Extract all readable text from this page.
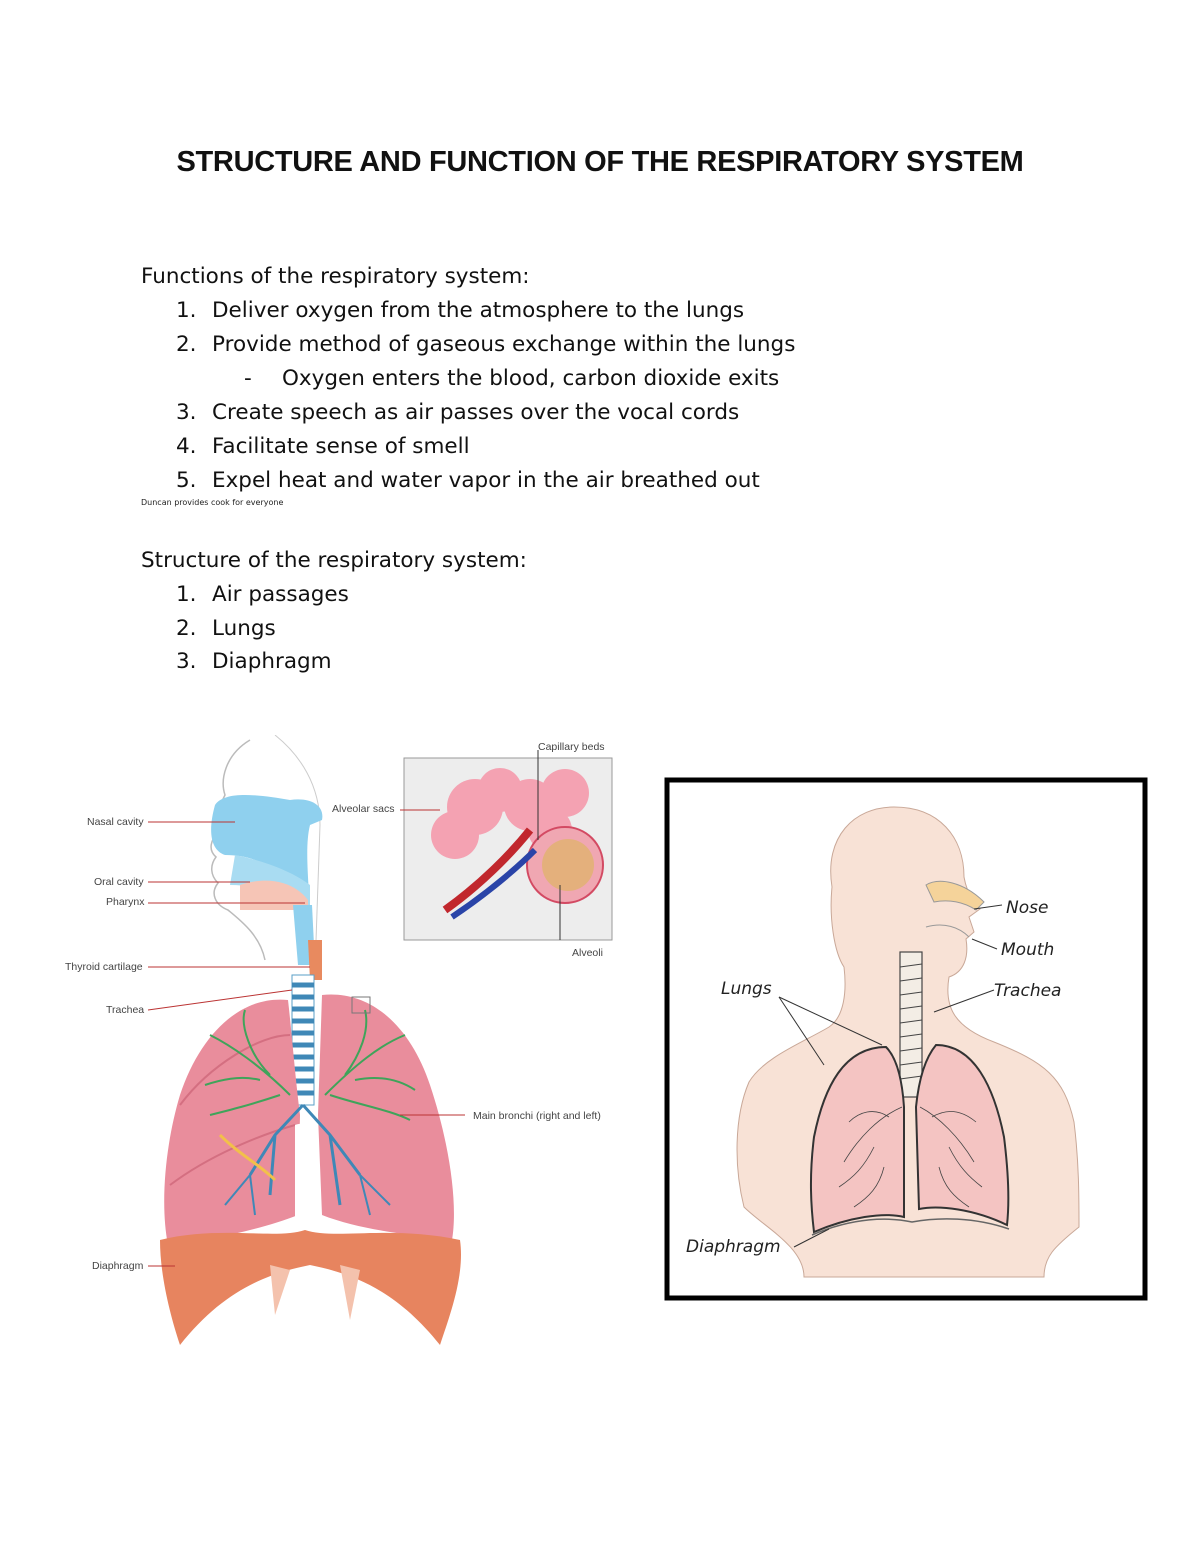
STRUCTURE AND FUNCTION OF THE RESPIRATORY SYSTEM
Functions of the respiratory system:
1. Deliver oxygen from the atmosphere to the lungs
2. Provide method of gaseous exchange within the lungs
- Oxygen enters the blood, carbon dioxide exits
3. Create speech as air passes over the vocal cords
4. Facilitate sense of smell
5. Expel heat and water vapor in the air breathed out
Duncan provides cook for everyone
Structure of the respiratory system:
1. Air passages
2. Lungs
3. Diaphragm
Nasal cavity
Oral cavity
Pharynx
Thyroid cartilage
Trachea
Diaphragm
Capillary beds
Alveolar sacs
Alveoli
Main bronchi (right and left)
Nose
Mouth
Trachea
Lungs
Diaphragm
